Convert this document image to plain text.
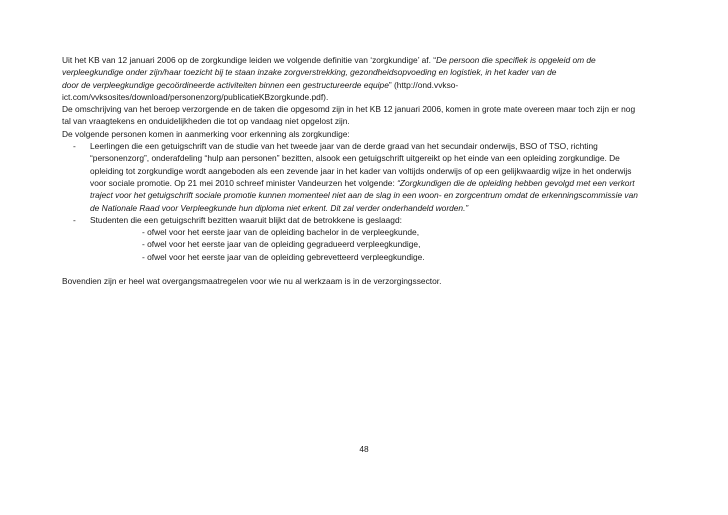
Uit het KB van 12 januari 2006 op de zorgkundige leiden we volgende definitie van ‘zorgkundige’ af. “De persoon die specifiek is opgeleid om de

verpleegkundige onder zijn/haar toezicht bij te staan inzake zorgverstrekking, gezondheidsopvoeding en logistiek, in het kader van de

door de verpleegkundige gecoördineerde activiteiten binnen een gestructureerde equipe” (http://ond.vvkso-

ict.com/vvksosites/download/personenzorg/publicatieKBzorgkunde.pdf).

De omschrijving van het beroep verzorgende en de taken die opgesomd zijn in het KB 12 januari 2006, komen in grote mate overeen maar toch zijn er nog

tal van vraagtekens en onduidelijkheden die tot op vandaag niet opgelost zijn.

De volgende personen komen in aanmerking voor erkenning als zorgkundige:

-	Leerlingen die een getuigschrift van de studie van het tweede jaar van de derde graad van het secundair onderwijs, BSO of TSO, richting

“personenzorg”, onderafdeling “hulp aan personen” bezitten, alsook een getuigschrift uitgereikt op het einde van een opleiding zorgkundige. De

opleiding tot zorgkundige wordt aangeboden als een zevende jaar in het kader van voltijds onderwijs of op een gelijkwaardig wijze in het onderwijs

voor sociale promotie. Op 21 mei 2010 schreef minister Vandeurzen het volgende: “Zorgkundigen die de opleiding hebben gevolgd met een verkort

traject voor het getuigschrift sociale promotie kunnen momenteel niet aan de slag in een woon- en zorgcentrum omdat de erkenningscommissie van

de Nationale Raad voor Verpleegkunde hun diploma niet erkent. Dit zal verder onderhandeld worden.”

-	Studenten die een getuigschrift bezitten waaruit blijkt dat de betrokkene is geslaagd:

- ofwel voor het eerste jaar van de opleiding bachelor in de verpleegkunde,

- ofwel voor het eerste jaar van de opleiding gegradueerd verpleegkundige,

- ofwel voor het eerste jaar van de opleiding gebrevetteerd verpleegkundige.

Bovendien zijn er heel wat overgangsmaatregelen voor wie nu al werkzaam is in de verzorgingssector.

48
